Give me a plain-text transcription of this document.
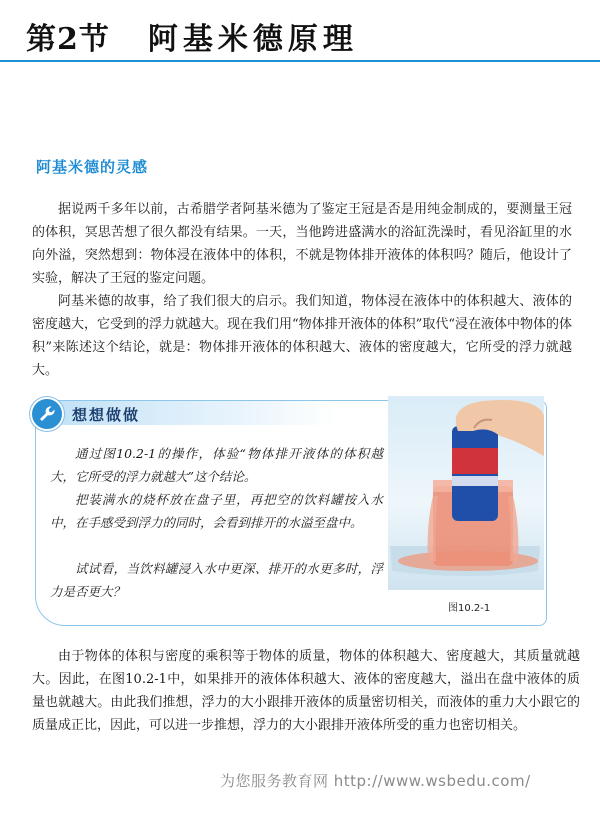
第2节 阿基米德原理
阿基米德的灵感

据说两千多年以前，古希腊学者阿基米德为了鉴定王冠是否是用纯金制成的，要测量王冠的体积，冥思苦想了很久都没有结果。一天，当他跨进盛满水的浴缸洗澡时，看见浴缸里的水向外溢，突然想到：物体浸在液体中的体积，不就是物体排开液体的体积吗？随后，他设计了实验，解决了王冠的鉴定问题。

阿基米德的故事，给了我们很大的启示。我们知道，物体浸在液体中的体积越大、液体的密度越大，它受到的浮力就越大。现在我们用“物体排开液体的体积”取代“浸在液体中物体的体积”来陈述这个结论，就是：物体排开液体的体积越大、液体的密度越大，它所受的浮力就越大。

想想做做

通过图10.2-1的操作，体验“物体排开液体的体积越大，它所受的浮力就越大”这个结论。

把装满水的烧杯放在盘子里，再把空的饮料罐按入水中，在手感受到浮力的同时，会看到排开的水溢至盘中。

试试看，当饮料罐浸入水中更深、排开的水更多时，浮力是否更大？

图10.2-1

由于物体的体积与密度的乘积等于物体的质量，物体的体积越大、密度越大，其质量就越大。因此，在图10.2-1中，如果排开的液体体积越大、液体的密度越大，溢出在盘中液体的质量也就越大。由此我们推想，浮力的大小跟排开液体的质量密切相关，而液体的重力大小跟它的质量成正比，因此，可以进一步推想，浮力的大小跟排开液体所受的重力也密切相关。

为您服务教育网 http://www.wsbedu.com/
